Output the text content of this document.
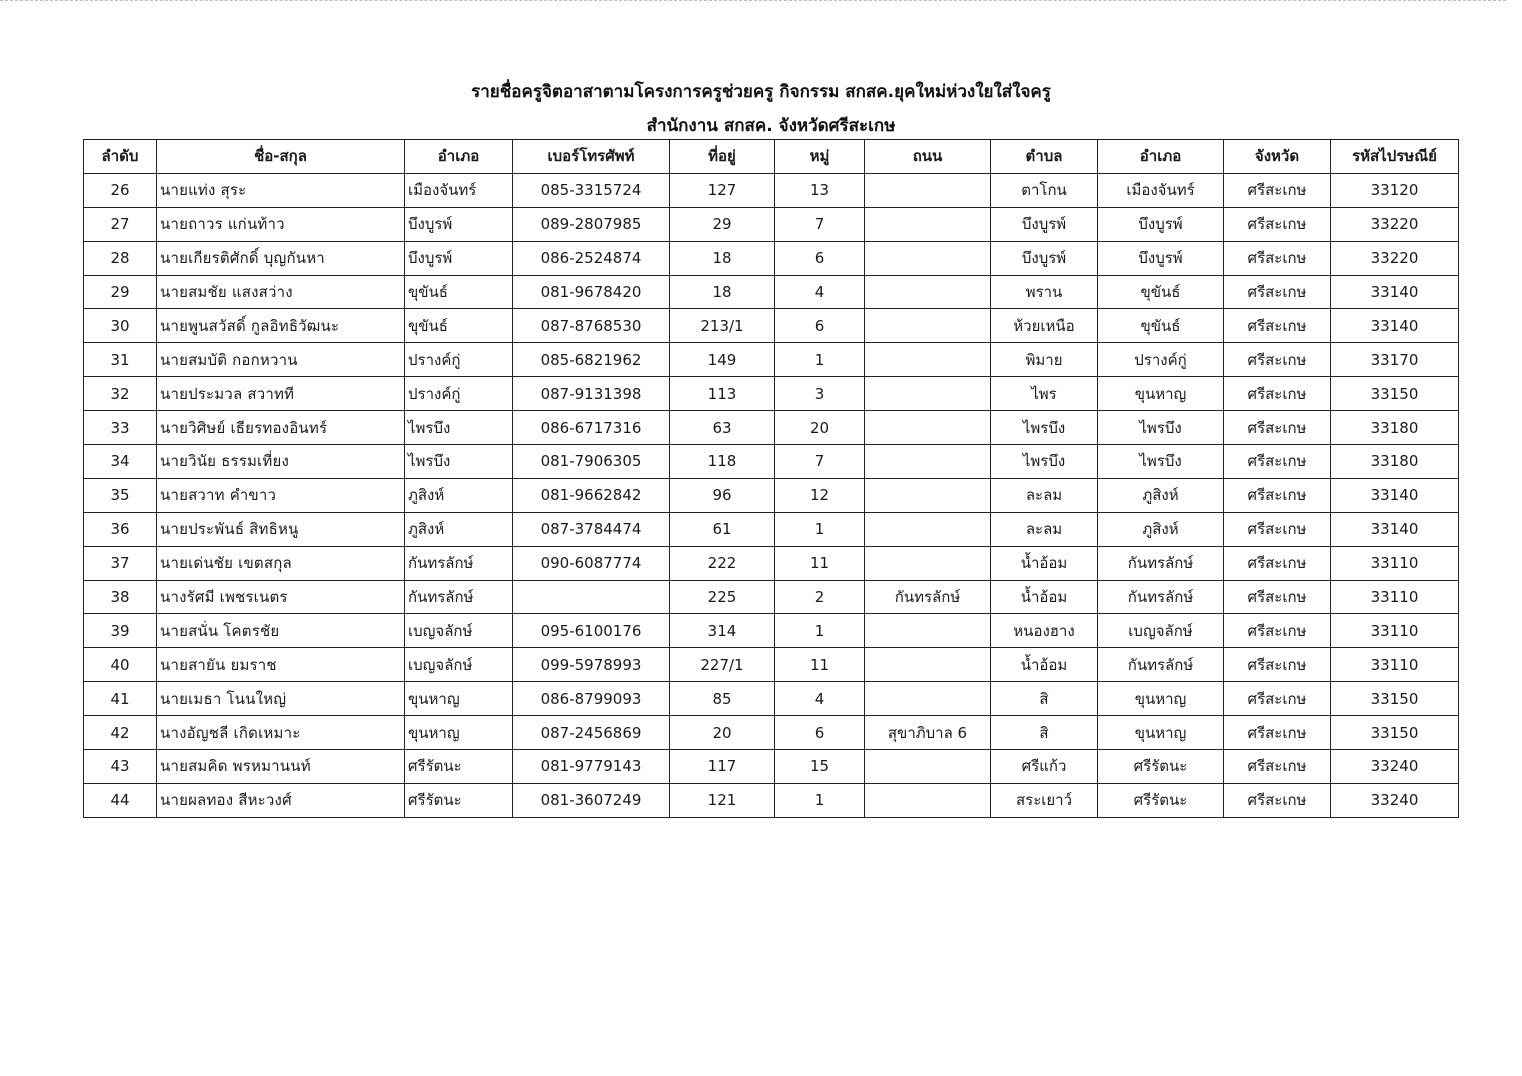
รายชื่อครูจิตอาสาตามโครงการครูช่วยครู กิจกรรม สกสค.ยุคใหม่ห่วงใยใส่ใจครู
สำนักงาน สกสค. จังหวัดศรีสะเกษ
ลำดับ	ชื่อ-สกุล	อำเภอ	เบอร์โทรศัพท์	ที่อยู่	หมู่	ถนน	ตำบล	อำเภอ	จังหวัด	รหัสไปรษณีย์
26	นายแท่ง สุระ	เมืองจันทร์	085-3315724	127	13		ตาโกน	เมืองจันทร์	ศรีสะเกษ	33120
27	นายถาวร แก่นท้าว	บึงบูรพ์	089-2807985	29	7		บึงบูรพ์	บึงบูรพ์	ศรีสะเกษ	33220
28	นายเกียรติศักดิ์ บุญกันหา	บึงบูรพ์	086-2524874	18	6		บึงบูรพ์	บึงบูรพ์	ศรีสะเกษ	33220
29	นายสมชัย แสงสว่าง	ขุขันธ์	081-9678420	18	4		พราน	ขุขันธ์	ศรีสะเกษ	33140
30	นายพูนสวัสดิ์ กูลอิทธิวัฒนะ	ขุขันธ์	087-8768530	213/1	6		ห้วยเหนือ	ขุขันธ์	ศรีสะเกษ	33140
31	นายสมบัติ กอกหวาน	ปรางค์กู่	085-6821962	149	1		พิมาย	ปรางค์กู่	ศรีสะเกษ	33170
32	นายประมวล สวาทที	ปรางค์กู่	087-9131398	113	3		ไพร	ขุนหาญ	ศรีสะเกษ	33150
33	นายวิศิษย์ เธียรทองอินทร์	ไพรบึง	086-6717316	63	20		ไพรบึง	ไพรบึง	ศรีสะเกษ	33180
34	นายวินัย ธรรมเที่ยง	ไพรบึง	081-7906305	118	7		ไพรบึง	ไพรบึง	ศรีสะเกษ	33180
35	นายสวาท คำขาว	ภูสิงห์	081-9662842	96	12		ละลม	ภูสิงห์	ศรีสะเกษ	33140
36	นายประพันธ์ สิทธิหนู	ภูสิงห์	087-3784474	61	1		ละลม	ภูสิงห์	ศรีสะเกษ	33140
37	นายเด่นชัย เขตสกุล	กันทรลักษ์	090-6087774	222	11		น้ำอ้อม	กันทรลักษ์	ศรีสะเกษ	33110
38	นางรัศมี เพชรเนตร	กันทรลักษ์		225	2	กันทรลักษ์	น้ำอ้อม	กันทรลักษ์	ศรีสะเกษ	33110
39	นายสนั่น โคตรชัย	เบญจลักษ์	095-6100176	314	1		หนองฮาง	เบญจลักษ์	ศรีสะเกษ	33110
40	นายสายัน ยมราช	เบญจลักษ์	099-5978993	227/1	11		น้ำอ้อม	กันทรลักษ์	ศรีสะเกษ	33110
41	นายเมธา โนนใหญ่	ขุนหาญ	086-8799093	85	4		สิ	ขุนหาญ	ศรีสะเกษ	33150
42	นางอัญชลี เกิดเหมาะ	ขุนหาญ	087-2456869	20	6	สุขาภิบาล 6	สิ	ขุนหาญ	ศรีสะเกษ	33150
43	นายสมคิด พรหมานนท์	ศรีรัตนะ	081-9779143	117	15		ศรีแก้ว	ศรีรัตนะ	ศรีสะเกษ	33240
44	นายผลทอง สีหะวงศ์	ศรีรัตนะ	081-3607249	121	1		สระเยาว์	ศรีรัตนะ	ศรีสะเกษ	33240
